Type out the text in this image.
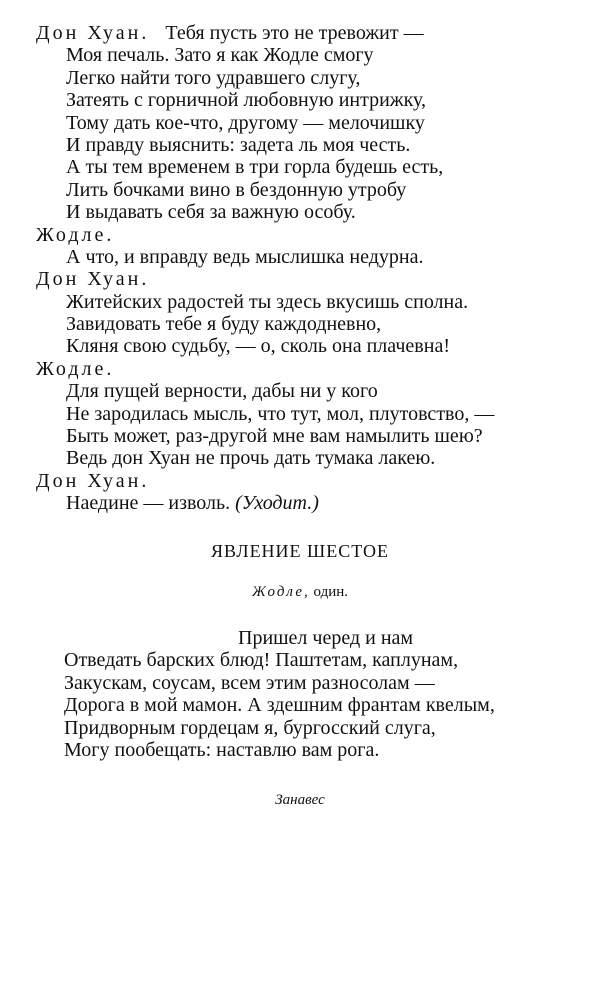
Дон Хуан. Тебя пусть это не тревожит —
Моя печаль. Зато я как Жодле смогу
Легко найти того удравшего слугу,
Затеять с горничной любовную интрижку,
Тому дать кое-что, другому — мелочишку
И правду выяснить: задета ль моя честь.
А ты тем временем в три горла будешь есть,
Лить бочками вино в бездонную утробу
И выдавать себя за важную особу.
Жодле.
А что, и вправду ведь мыслишка недурна.
Дон Хуан.
Житейских радостей ты здесь вкусишь сполна.
Завидовать тебе я буду каждодневно,
Кляня свою судьбу, — о, сколь она плачевна!
Жодле.
Для пущей верности, дабы ни у кого
Не зародилась мысль, что тут, мол, плутовство, —
Быть может, раз-другой мне вам намылить шею?
Ведь дон Хуан не прочь дать тумака лакею.
Дон Хуан.
Наедине — изволь. (Уходит.)
ЯВЛЕНИЕ ШЕСТОЕ
Жодле, один.
Пришел черед и нам
Отведать барских блюд! Паштетам, каплунам,
Закускам, соусам, всем этим разносолам —
Дорога в мой мамон. А здешним франтам квелым,
Придворным гордецам я, бургосский слуга,
Могу пообещать: наставлю вам рога.
Занавес
